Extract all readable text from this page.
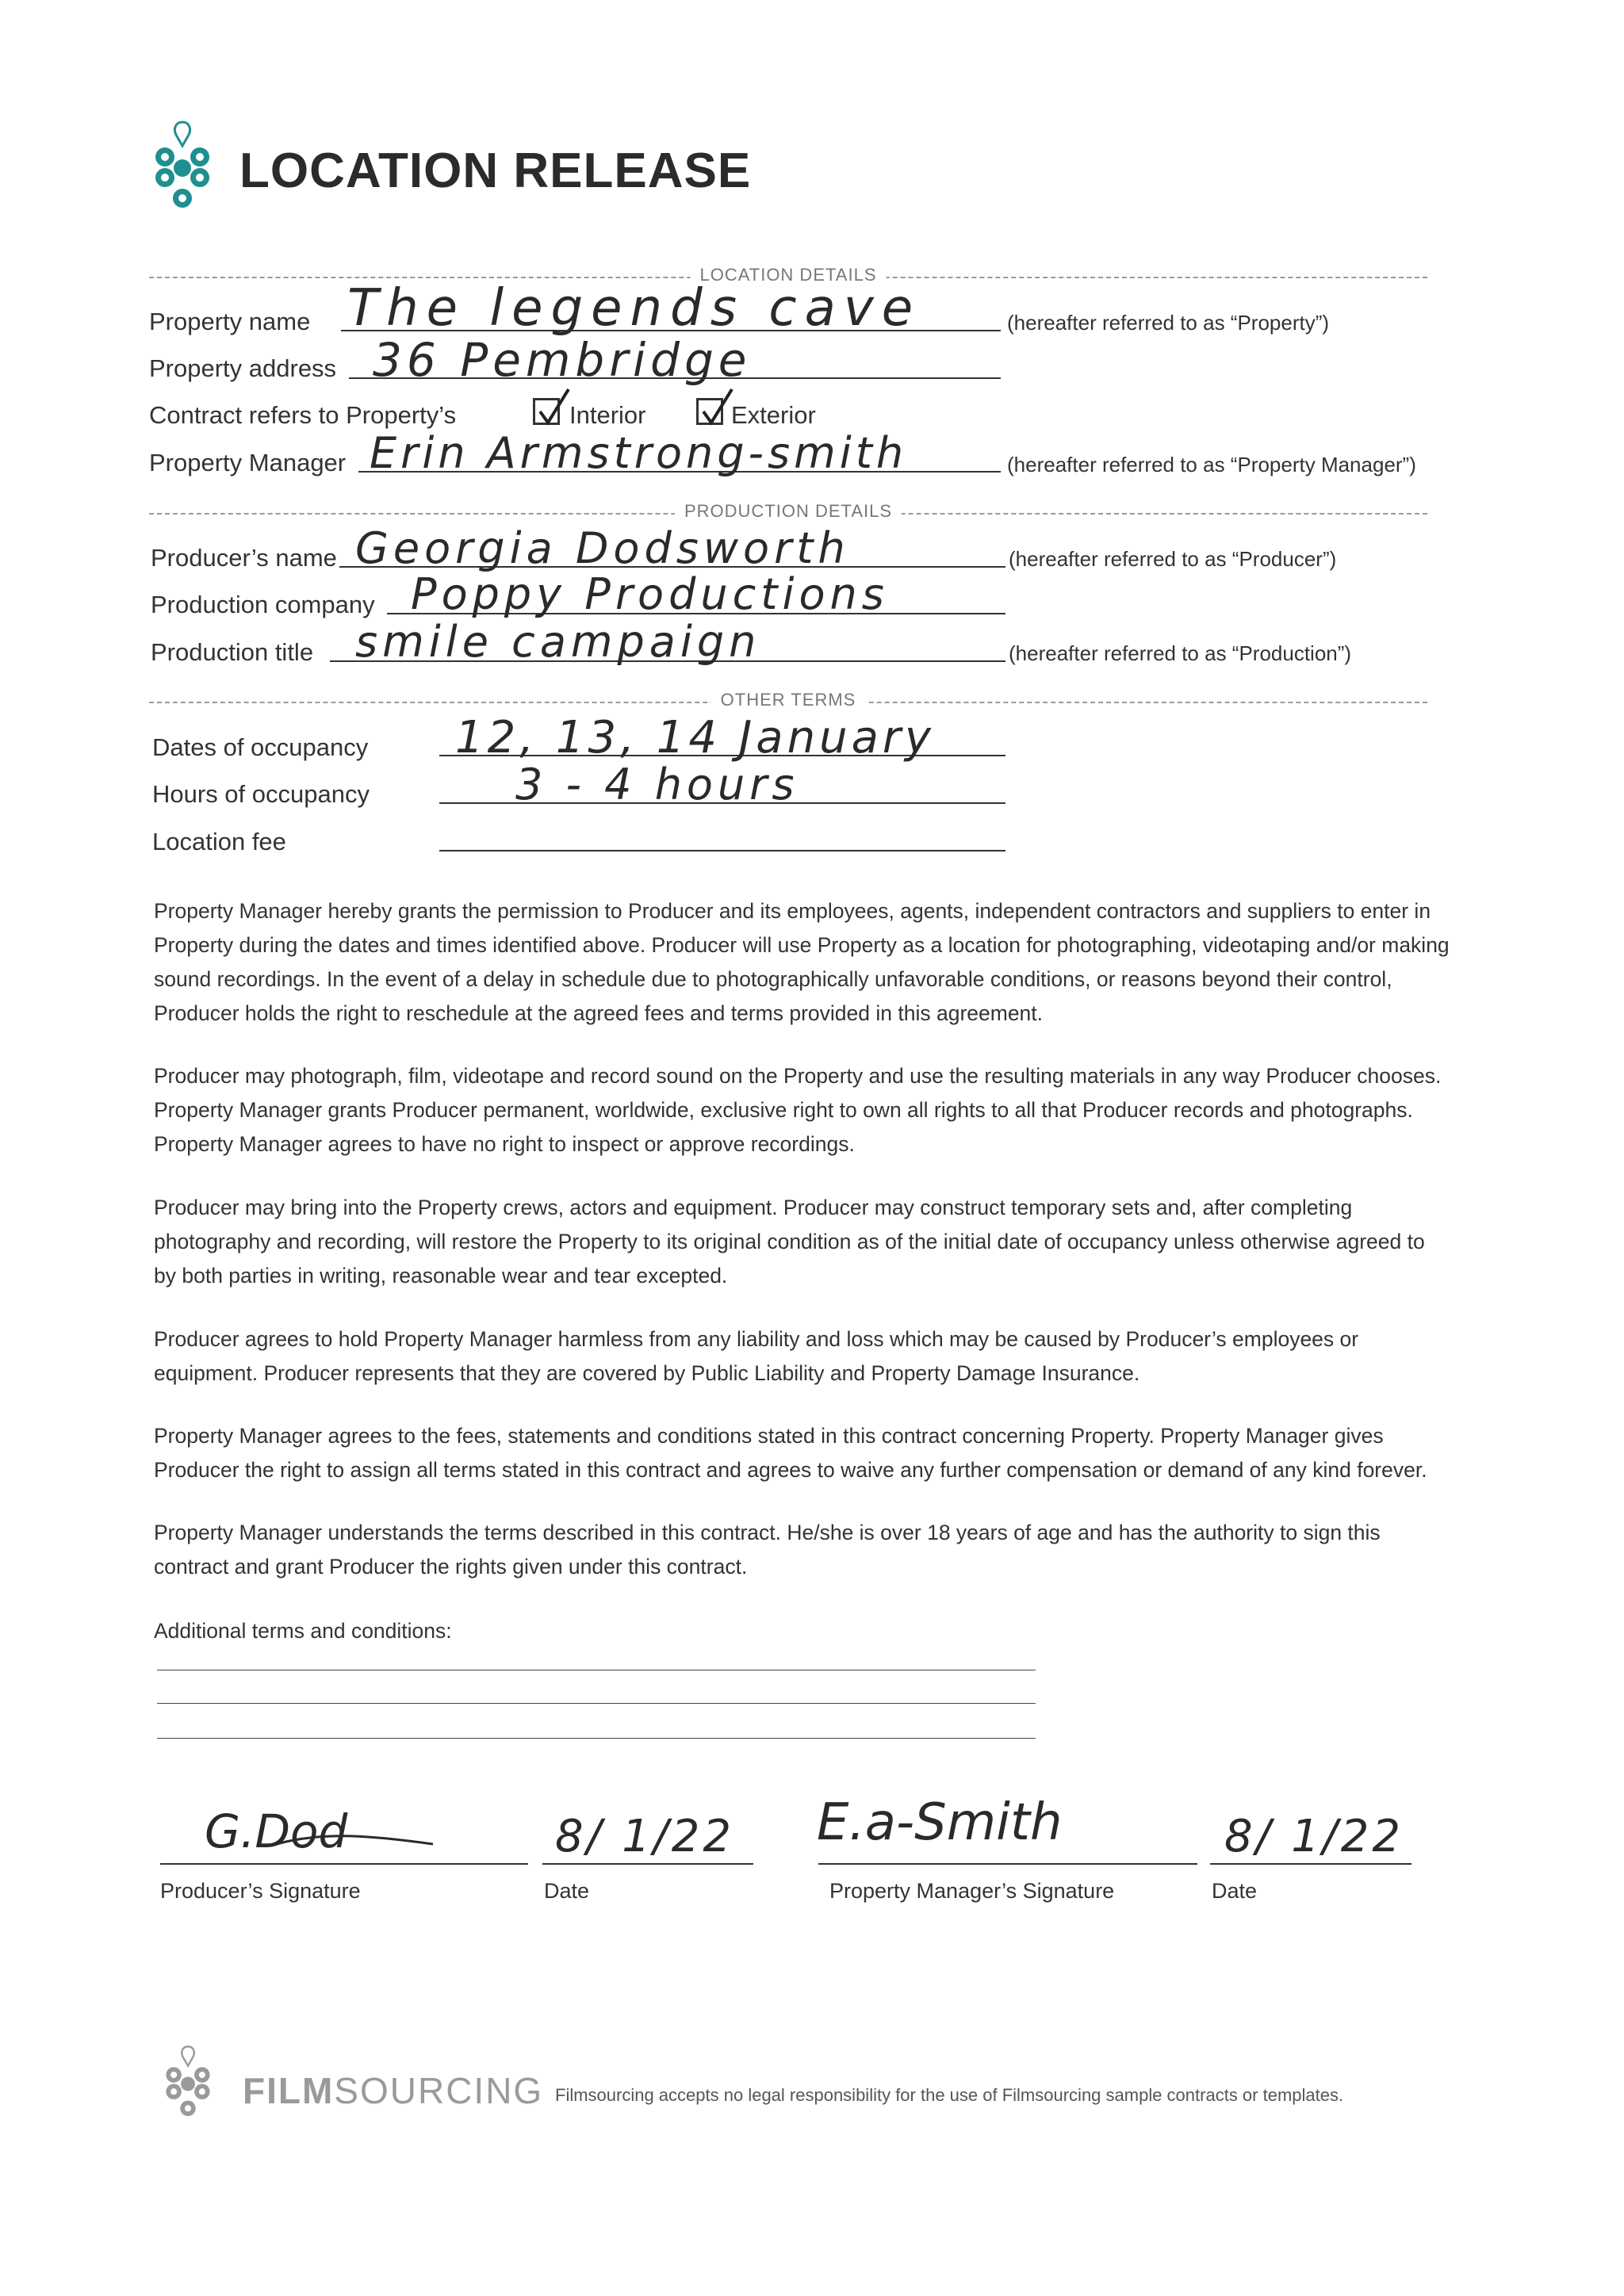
LOCATION RELEASE
LOCATION DETAILS
Property name The legends cave	(hereafter referred to as “Property”)
Property address 36 Pembridge
Contract refers to Property’s	Interior	Exterior
Property Manager Erin Armstrong-smith	(hereafter referred to as “Property Manager”)
PRODUCTION DETAILS
Producer’s name Georgia Dodsworth	(hereafter referred to as “Producer”)
Production company Poppy Productions
Production title smile campaign	(hereafter referred to as “Production”)
OTHER TERMS
Dates of occupancy 12, 13, 14 January
Hours of occupancy	3 - 4 hours
Location fee
Property Manager hereby grants the permission to Producer and its employees, agents, independent contractors and suppliers to enter in Property during the dates and times identified above. Producer will use Property as a location for photographing, videotaping and/or making sound recordings. In the event of a delay in schedule due to photographically unfavorable conditions, or reasons beyond their control, Producer holds the right to reschedule at the agreed fees and terms provided in this agreement.
Producer may photograph, film, videotape and record sound on the Property and use the resulting materials in any way Producer chooses. Property Manager grants Producer permanent, worldwide, exclusive right to own all rights to all that Producer records and photographs. Property Manager agrees to have no right to inspect or approve recordings.
Producer may bring into the Property crews, actors and equipment. Producer may construct temporary sets and, after completing photography and recording, will restore the Property to its original condition as of the initial date of occupancy unless otherwise agreed to by both parties in writing, reasonable wear and tear excepted.
Producer agrees to hold Property Manager harmless from any liability and loss which may be caused by Producer’s employees or equipment. Producer represents that they are covered by Public Liability and Property Damage Insurance.
Property Manager agrees to the fees, statements and conditions stated in this contract concerning Property. Property Manager gives Producer the right to assign all terms stated in this contract and agrees to waive any further compensation or demand of any kind forever.
Property Manager understands the terms described in this contract. He/she is over 18 years of age and has the authority to sign this contract and grant Producer the rights given under this contract.
Additional terms and conditions:
G.Dod
Producer’s Signature
8/ 1/22
Date
E.a-Smith
Property Manager’s Signature
8/ 1/22
Date
FILMSOURCING Filmsourcing accepts no legal responsibility for the use of Filmsourcing sample contracts or templates.
